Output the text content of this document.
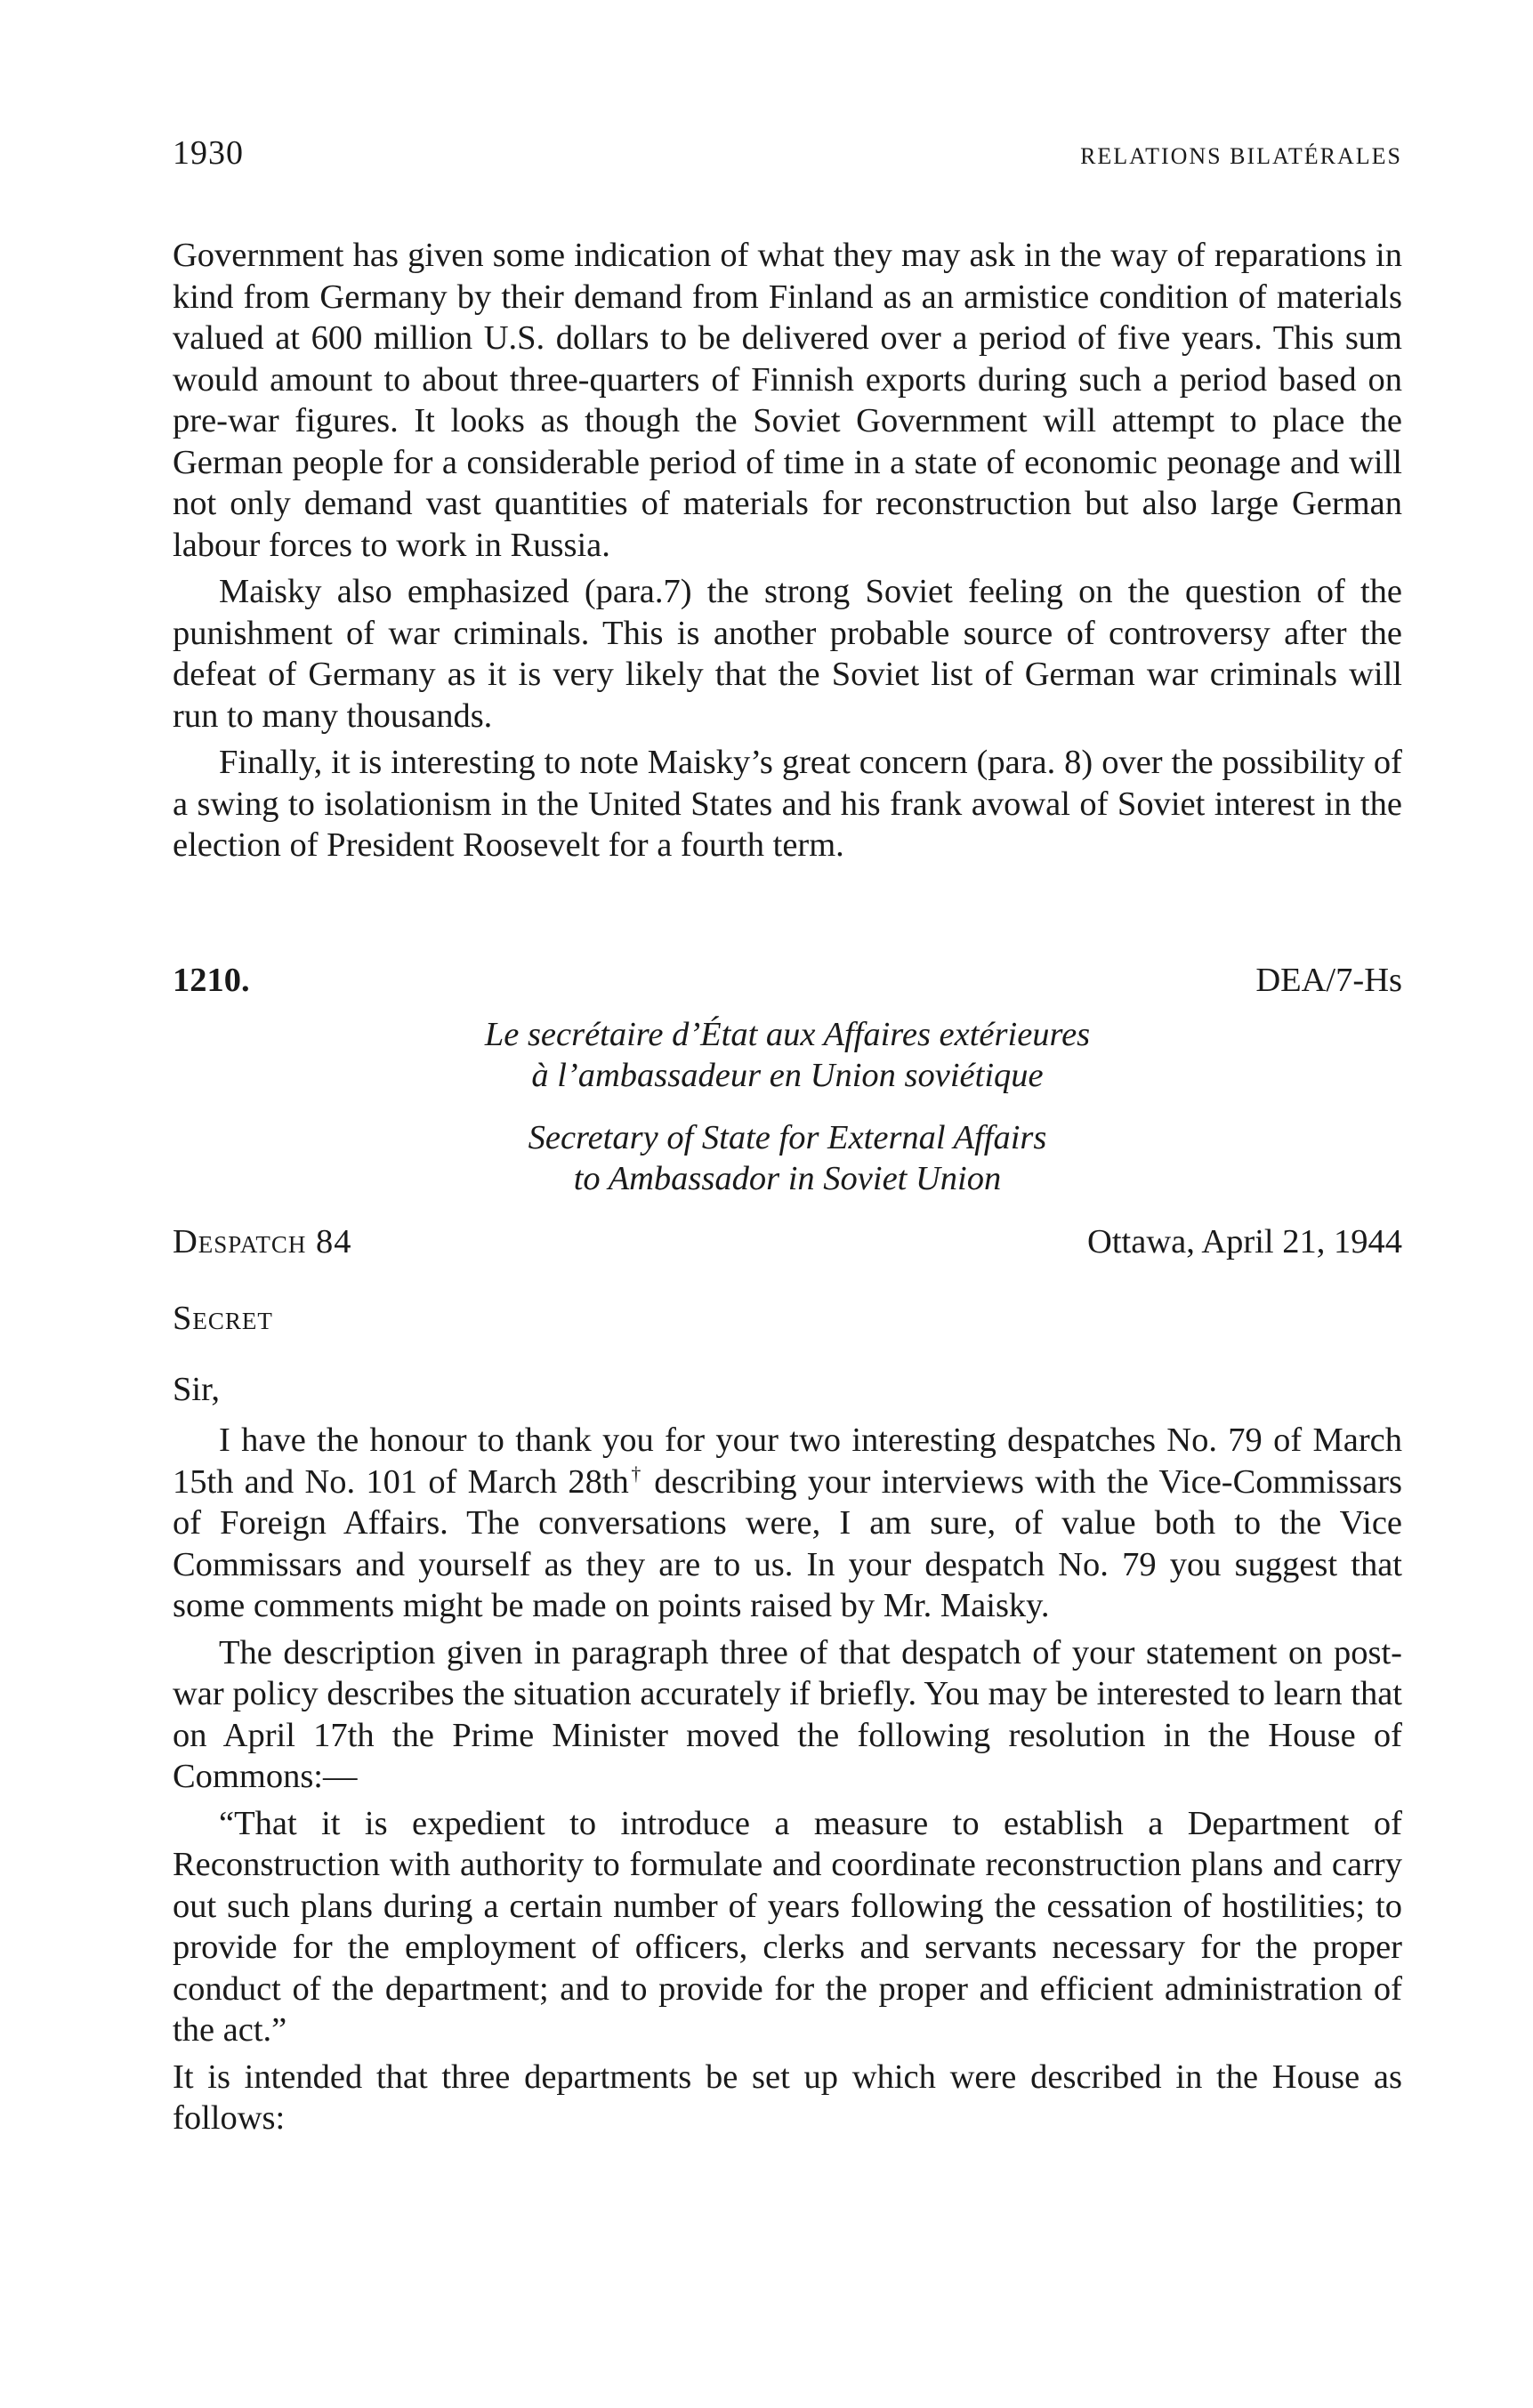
1930	RELATIONS BILATÉRALES

Government has given some indication of what they may ask in the way of reparations in kind from Germany by their demand from Finland as an armistice condition of materials valued at 600 million U.S. dollars to be delivered over a period of five years. This sum would amount to about three-quarters of Finnish exports during such a period based on pre-war figures. It looks as though the Soviet Government will attempt to place the German people for a considerable period of time in a state of economic peonage and will not only demand vast quantities of materials for reconstruction but also large German labour forces to work in Russia.

Maisky also emphasized (para.7) the strong Soviet feeling on the question of the punishment of war criminals. This is another probable source of controversy after the defeat of Germany as it is very likely that the Soviet list of German war criminals will run to many thousands.

Finally, it is interesting to note Maisky’s great concern (para. 8) over the possibility of a swing to isolationism in the United States and his frank avowal of Soviet interest in the election of President Roosevelt for a fourth term.

1210.	DEA/7-Hs
Le secrétaire d’État aux Affaires extérieures
à l’ambassadeur en Union soviétique
Secretary of State for External Affairs
to Ambassador in Soviet Union
Despatch 84	Ottawa, April 21, 1944
Secret
Sir,

I have the honour to thank you for your two interesting despatches No. 79 of March 15th and No. 101 of March 28th† describing your interviews with the Vice-Commissars of Foreign Affairs. The conversations were, I am sure, of value both to the Vice Commissars and yourself as they are to us. In your despatch No. 79 you suggest that some comments might be made on points raised by Mr. Maisky.

The description given in paragraph three of that despatch of your statement on post-war policy describes the situation accurately if briefly. You may be interested to learn that on April 17th the Prime Minister moved the following resolution in the House of Commons:—

“That it is expedient to introduce a measure to establish a Department of Reconstruction with authority to formulate and coordinate reconstruction plans and carry out such plans during a certain number of years following the cessation of hostilities; to provide for the employment of officers, clerks and servants necessary for the proper conduct of the department; and to provide for the proper and efficient administration of the act.”

It is intended that three departments be set up which were described in the House as follows:
